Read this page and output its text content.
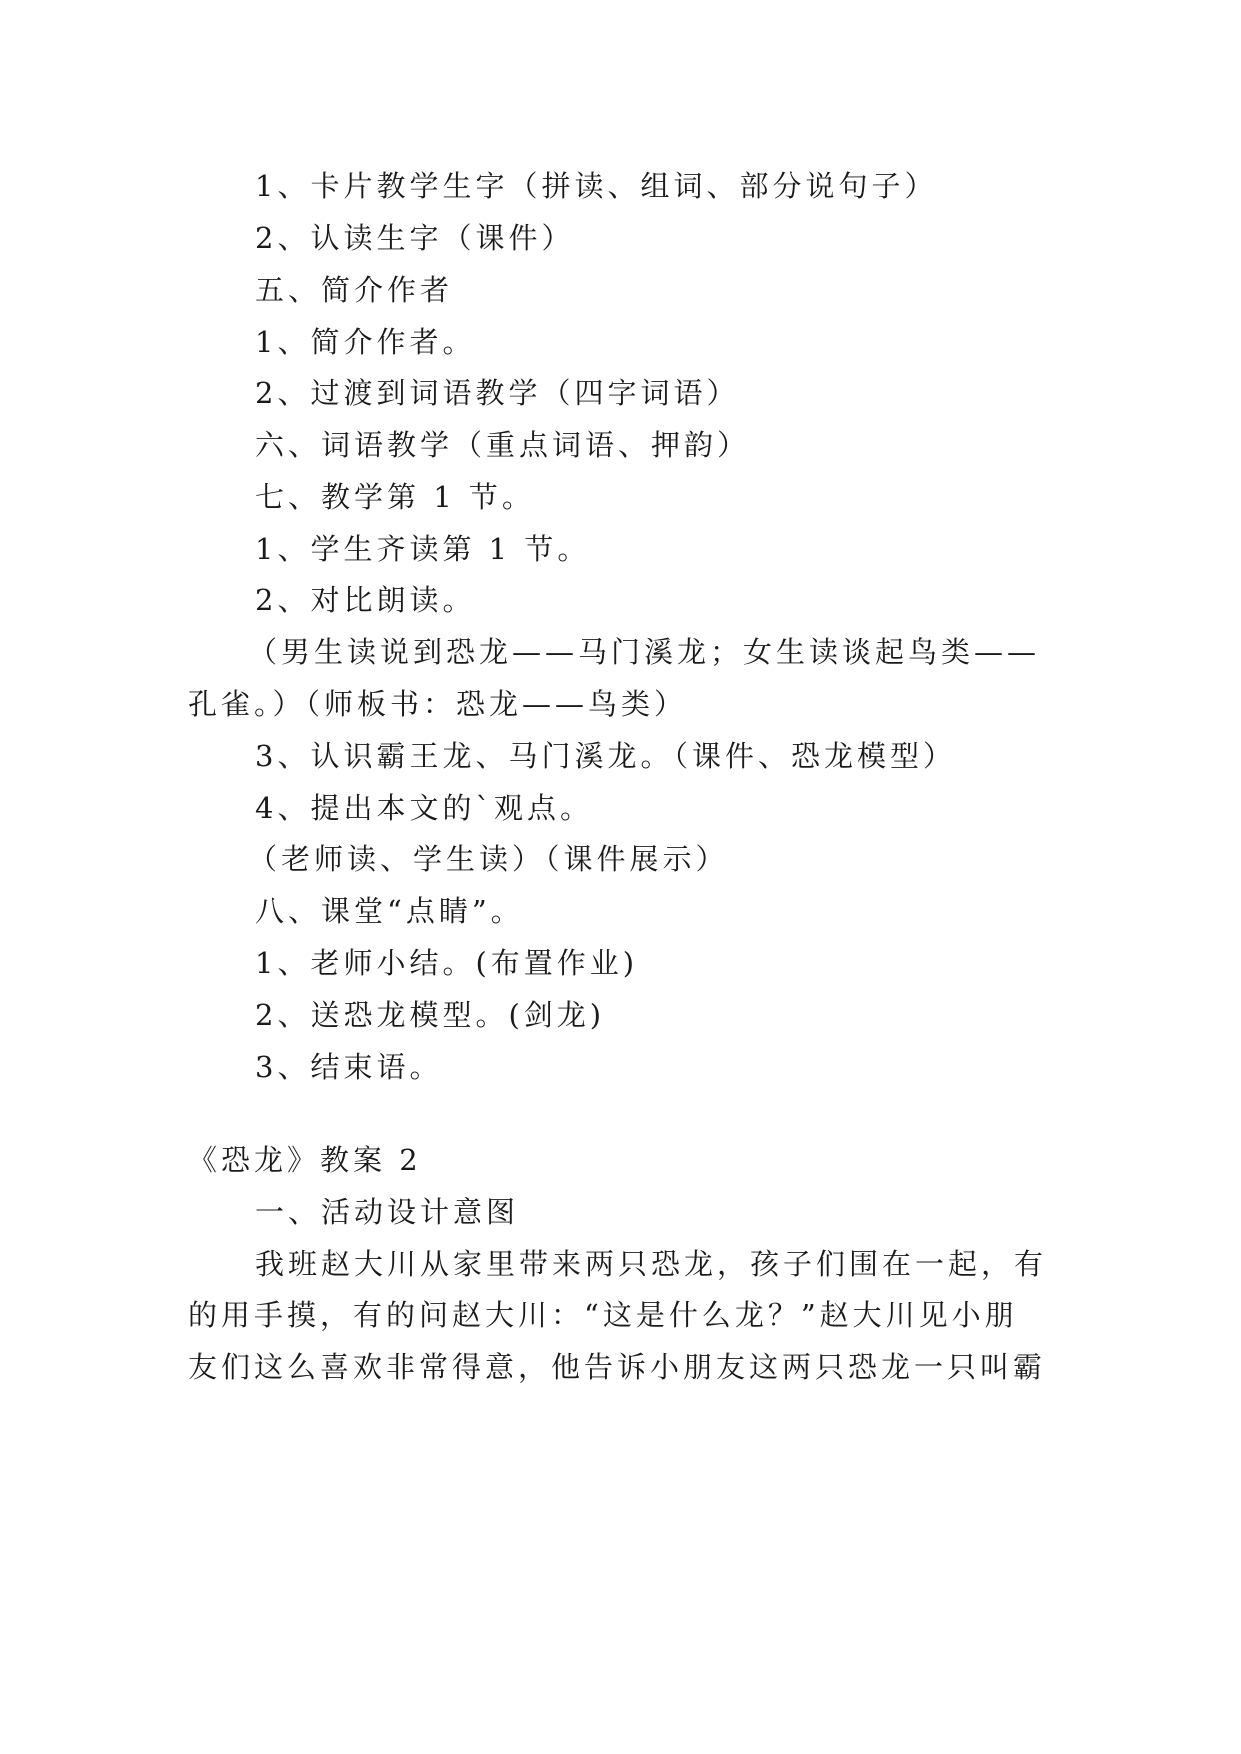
1、卡片教学生字（拼读、组词、部分说句子）
2、认读生字（课件）
五、简介作者
1、简介作者。
2、过渡到词语教学（四字词语）
六、词语教学（重点词语、押韵）
七、教学第 1 节。
1、学生齐读第 1 节。
2、对比朗读。
（男生读说到恐龙——马门溪龙；女生读谈起鸟类——
孔雀。）（师板书：恐龙——鸟类）
3、认识霸王龙、马门溪龙。（课件、恐龙模型）
4、提出本文的`观点。
（老师读、学生读）（课件展示）
八、课堂“点睛”。
1、老师小结。(布置作业)
2、送恐龙模型。(剑龙)
3、结束语。
《恐龙》教案 2
一、活动设计意图
我班赵大川从家里带来两只恐龙，孩子们围在一起，有
的用手摸，有的问赵大川：“这是什么龙？”赵大川见小朋
友们这么喜欢非常得意，他告诉小朋友这两只恐龙一只叫霸
